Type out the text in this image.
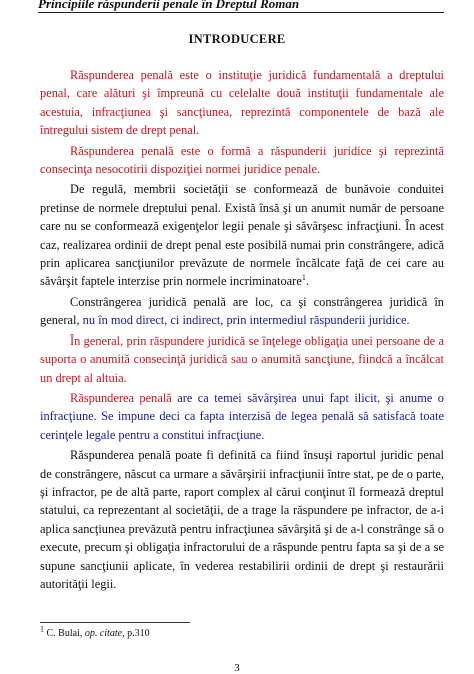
Principiile răspunderii penale în Dreptul Roman
INTRODUCERE

Răspunderea penală este o instituţie juridică fundamentală a dreptului penal, care alături şi împreună cu celelalte două instituţii fundamentale ale acestuia, infracţiunea şi sancţiunea, reprezintă componentele de bază ale întregului sistem de drept penal.

Răspunderea penală este o formă a răspunderii juridice şi reprezintă consecinţa nesocotirii dispoziţiei normei juridice penale.

De regulă, membrii societăţii se conformează de bunăvoie conduitei pretinse de normele dreptului penal. Există însă şi un anumit număr de persoane care nu se conformează exigenţelor legii penale şi săvârşesc infracţiuni. În acest caz, realizarea ordinii de drept penal este posibilă numai prin constrângere, adică prin aplicarea sancţiunilor prevăzute de normele încălcate faţă de cei care au săvârşit faptele interzise prin normele incriminatoare$^1$.

Constrângerea juridică penală are loc, ca şi constrângerea juridică în general, nu în mod direct, ci indirect, prin intermediul răspunderii juridice.

În general, prin răspundere juridică se înţelege obligaţia unei persoane de a suporta o anumită consecinţă juridică sau o anumită sancţiune, fiindcă a încălcat un drept al altuia.

Răspunderea penală are ca temei săvârşirea unui fapt ilicit, şi anume o infracţiune. Se impune deci ca fapta interzisă de legea penală să satisfacă toate cerinţele legale pentru a constitui infracţiune.

Răspunderea penală poate fi definită ca fiind însuşi raportul juridic penal de constrângere, născut ca urmare a săvârşirii infracţiunii între stat, pe de o parte, şi infractor, pe de altă parte, raport complex al cărui conţinut îl formează dreptul statului, ca reprezentant al societăţii, de a trage la răspundere pe infractor, de a-i aplica sancţiunea prevăzută pentru infracţiunea săvârşită şi de a-l constrânge să o execute, precum şi obligaţia infractorului de a răspunde pentru fapta sa şi de a se supune sancţiunii aplicate, în vederea restabilirii ordinii de drept şi restaurării autorităţii legii.

$^1$ C. Bulai, op. citate, p.310
3
